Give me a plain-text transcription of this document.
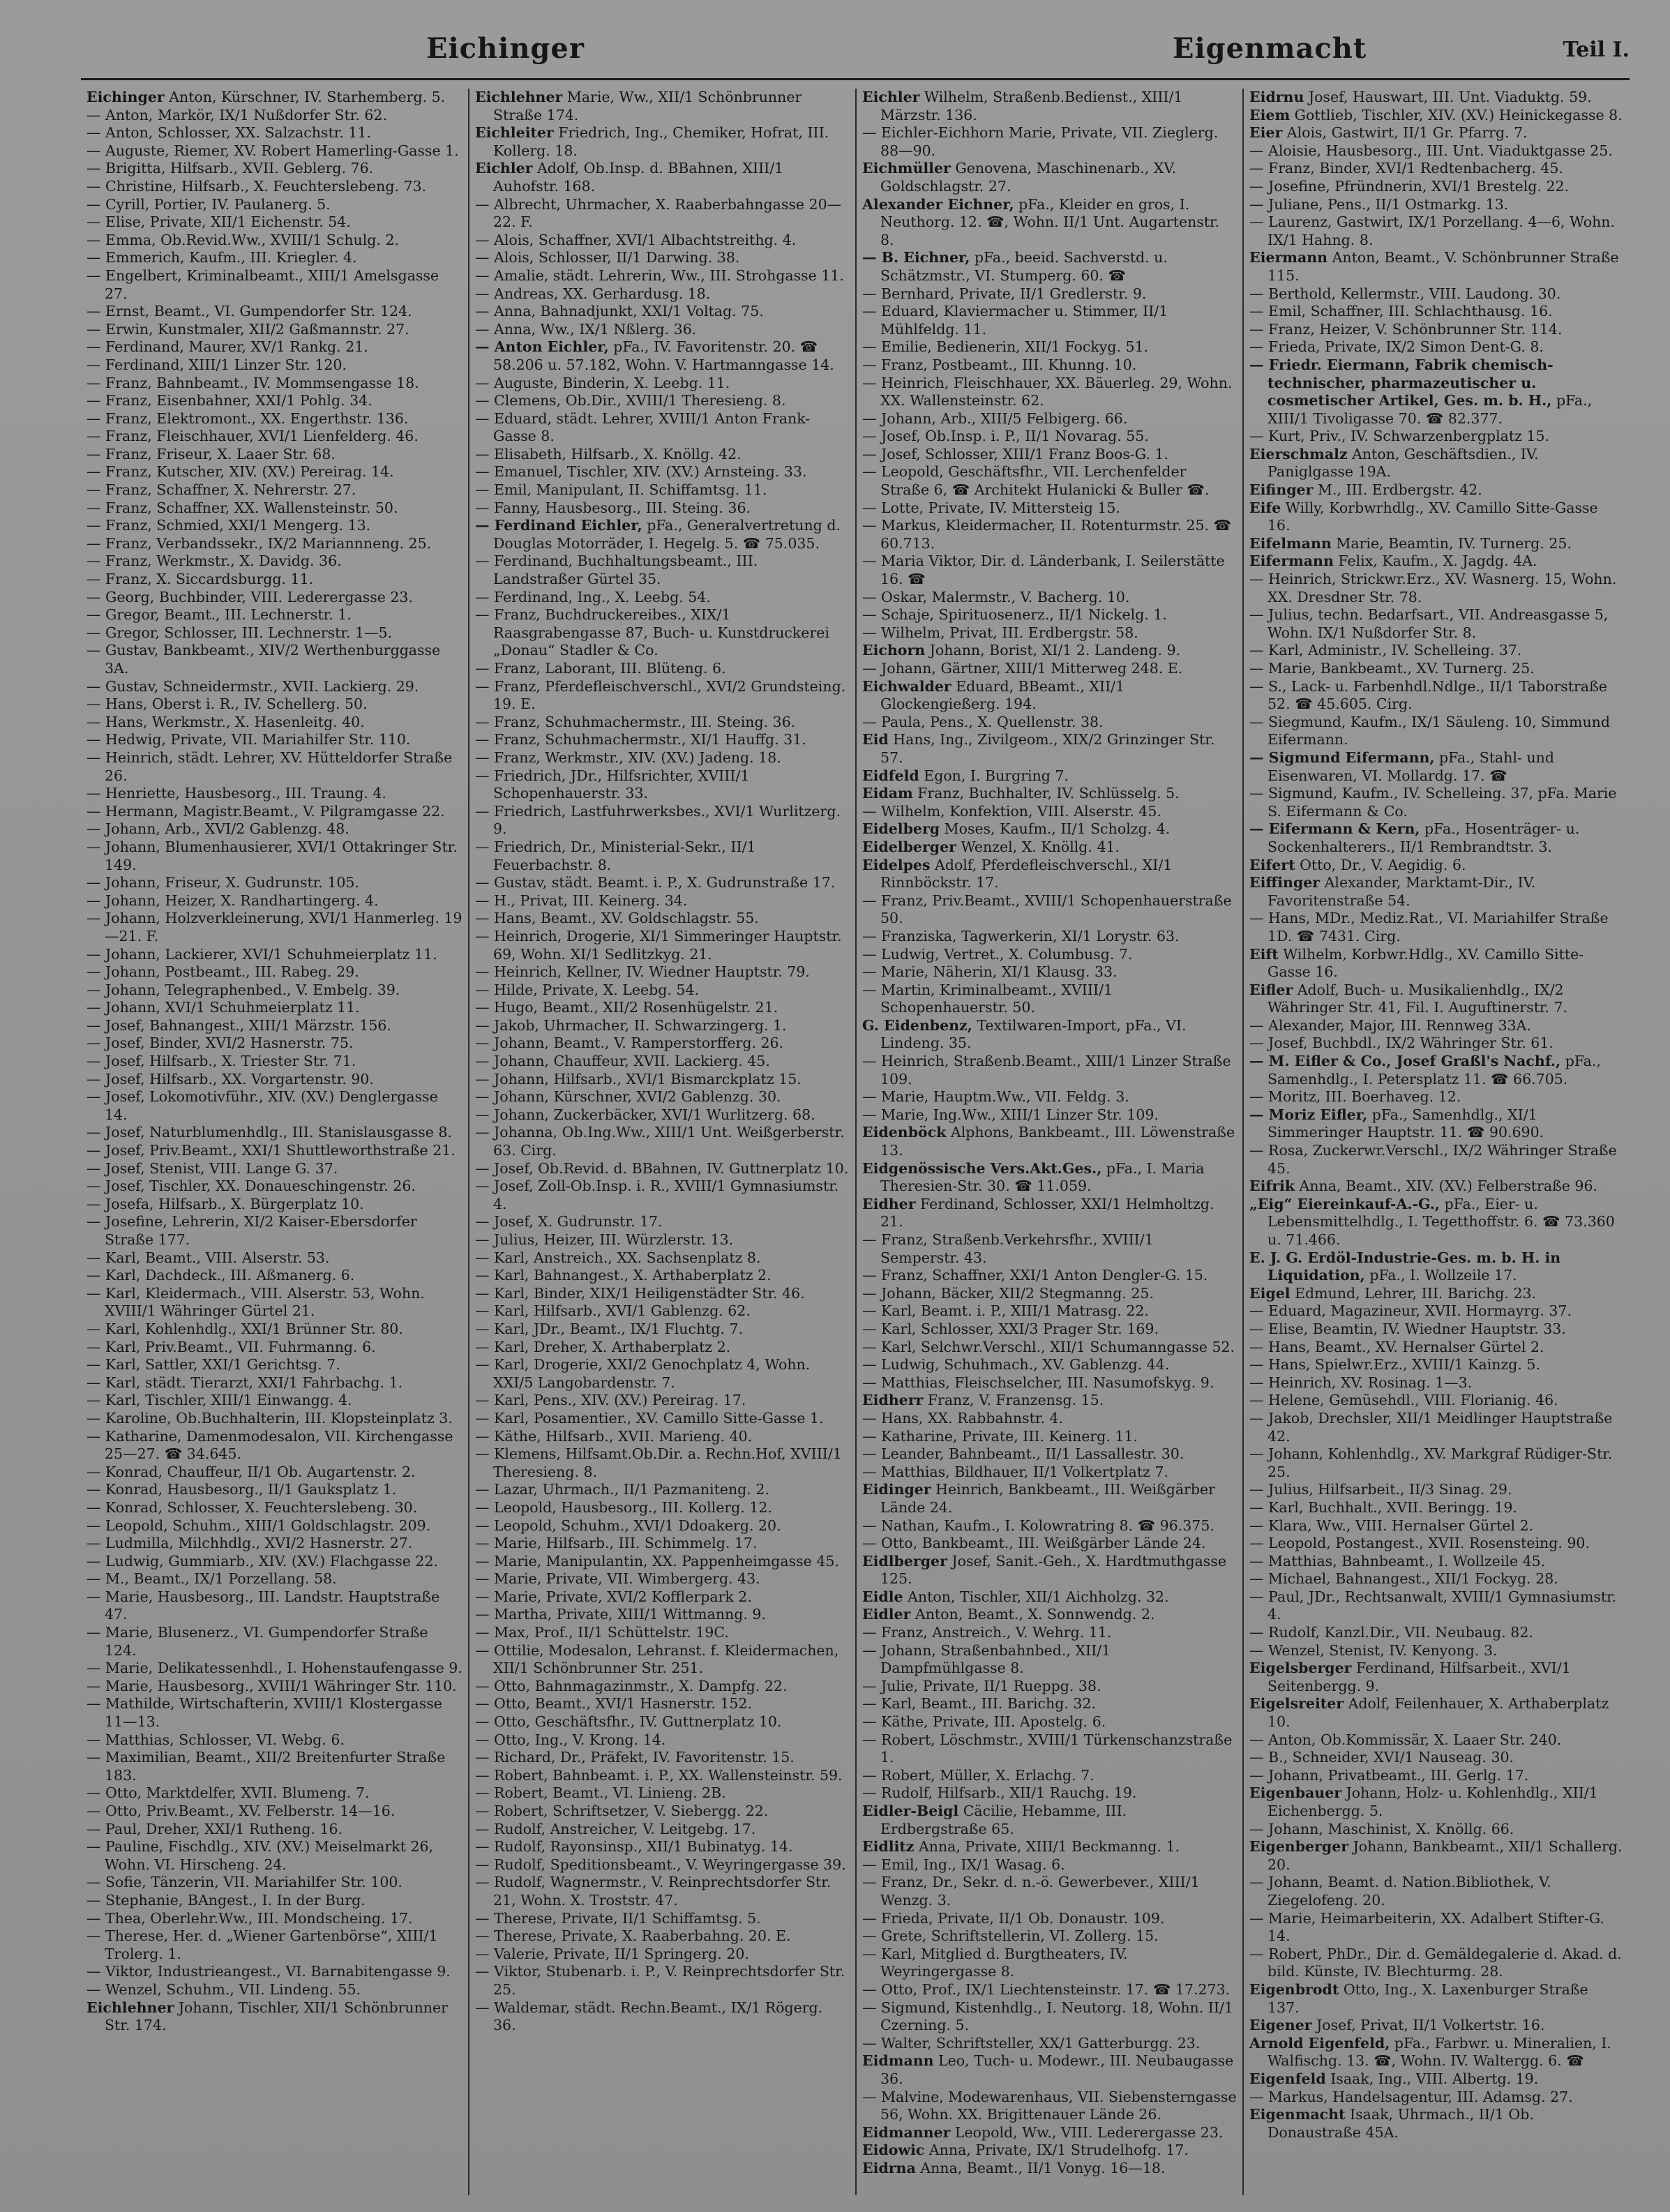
Eichinger	Eigenmacht	Teil I.
Eichinger Anton, Kürschner, IV. Starhemberg. 5.
— Anton, Markör, IX/1 Nußdorfer Str. 62.
— Anton, Schlosser, XX. Salzachstr. 11.
— Auguste, Riemer, XV. Robert Hamerling-Gasse 1.
— Brigitta, Hilfsarb., XVII. Geblerg. 76.
— Christine, Hilfsarb., X. Feuchterslebeng. 73.
— Cyrill, Portier, IV. Paulanerg. 5.
— Elise, Private, XII/1 Eichenstr. 54.
— Emma, Ob.Revid.Ww., XVIII/1 Schulg. 2.
— Emmerich, Kaufm., III. Kriegler. 4.
— Engelbert, Kriminalbeamt., XIII/1 Amelsgasse 27.
— Ernst, Beamt., VI. Gumpendorfer Str. 124.
— Erwin, Kunstmaler, XII/2 Gaßmannstr. 27.
— Ferdinand, Maurer, XV/1 Rankg. 21.
— Ferdinand, XIII/1 Linzer Str. 120.
— Franz, Bahnbeamt., IV. Mommsengasse 18.
— Franz, Eisenbahner, XXI/1 Pohlg. 34.
— Franz, Elektromont., XX. Engerthstr. 136.
— Franz, Fleischhauer, XVI/1 Lienfelderg. 46.
— Franz, Friseur, X. Laaer Str. 68.
— Franz, Kutscher, XIV. (XV.) Pereirag. 14.
— Franz, Schaffner, X. Nehrerstr. 27.
— Franz, Schaffner, XX. Wallensteinstr. 50.
— Franz, Schmied, XXI/1 Mengerg. 13.
— Franz, Verbandssekr., IX/2 Mariannneng. 25.
— Franz, Werkmstr., X. Davidg. 36.
— Franz, X. Siccardsburgg. 11.
— Georg, Buchbinder, VIII. Lederergasse 23.
— Gregor, Beamt., III. Lechnerstr. 1.
— Gregor, Schlosser, III. Lechnerstr. 1—5.
— Gustav, Bankbeamt., XIV/2 Werthenburggasse 3A.
— Gustav, Schneidermstr., XVII. Lackierg. 29.
— Hans, Oberst i. R., IV. Schellerg. 50.
— Hans, Werkmstr., X. Hasenleitg. 40.
— Hedwig, Private, VII. Mariahilfer Str. 110.
— Heinrich, städt. Lehrer, XV. Hütteldorfer Straße 26.
— Henriette, Hausbesorg., III. Traung. 4.
— Hermann, Magistr.Beamt., V. Pilgramgasse 22.
— Johann, Arb., XVI/2 Gablenzg. 48.
— Johann, Blumenhausierer, XVI/1 Ottakringer Str. 149.
— Johann, Friseur, X. Gudrunstr. 105.
— Johann, Heizer, X. Randhartingerg. 4.
— Johann, Holzverkleinerung, XVI/1 Hanmerleg. 19—21. F.
— Johann, Lackierer, XVI/1 Schuhmeierplatz 11.
— Johann, Postbeamt., III. Rabeg. 29.
— Johann, Telegraphenbed., V. Embelg. 39.
— Johann, XVI/1 Schuhmeierplatz 11.
— Josef, Bahnangest., XIII/1 Märzstr. 156.
— Josef, Binder, XVI/2 Hasnerstr. 75.
— Josef, Hilfsarb., X. Triester Str. 71.
— Josef, Hilfsarb., XX. Vorgartenstr. 90.
— Josef, Lokomotivführ., XIV. (XV.) Denglergasse 14.
— Josef, Naturblumenhdlg., III. Stanislausgasse 8.
— Josef, Priv.Beamt., XXI/1 Shuttleworthstraße 21.
— Josef, Stenist, VIII. Lange G. 37.
— Josef, Tischler, XX. Donaueschingenstr. 26.
— Josefa, Hilfsarb., X. Bürgerplatz 10.
— Josefine, Lehrerin, XI/2 Kaiser-Ebersdorfer Straße 177.
— Karl, Beamt., VIII. Alserstr. 53.
— Karl, Dachdeck., III. Aßmanerg. 6.
— Karl, Kleidermach., VIII. Alserstr. 53, Wohn. XVIII/1 Währinger Gürtel 21.
— Karl, Kohlenhdlg., XXI/1 Brünner Str. 80.
— Karl, Priv.Beamt., VII. Fuhrmanng. 6.
— Karl, Sattler, XXI/1 Gerichtsg. 7.
— Karl, städt. Tierarzt, XXI/1 Fahrbachg. 1.
— Karl, Tischler, XIII/1 Einwangg. 4.
— Karoline, Ob.Buchhalterin, III. Klopsteinplatz 3.
— Katharine, Damenmodesalon, VII. Kirchengasse 25—27. ☎ 34.645.
— Konrad, Chauffeur, II/1 Ob. Augartenstr. 2.
— Konrad, Hausbesorg., II/1 Gauksplatz 1.
— Konrad, Schlosser, X. Feuchterslebeng. 30.
— Leopold, Schuhm., XIII/1 Goldschlagstr. 209.
— Ludmilla, Milchhdlg., XVI/2 Hasnerstr. 27.
— Ludwig, Gummiarb., XIV. (XV.) Flachgasse 22.
— M., Beamt., IX/1 Porzellang. 58.
— Marie, Hausbesorg., III. Landstr. Hauptstraße 47.
— Marie, Blusenerz., VI. Gumpendorfer Straße 124.
— Marie, Delikatessenhdl., I. Hohenstaufengasse 9.
— Marie, Hausbesorg., XVIII/1 Währinger Str. 110.
— Mathilde, Wirtschafterin, XVIII/1 Klostergasse 11—13.
— Matthias, Schlosser, VI. Webg. 6.
— Maximilian, Beamt., XII/2 Breitenfurter Straße 183.
— Otto, Marktdelfer, XVII. Blumeng. 7.
— Otto, Priv.Beamt., XV. Felberstr. 14—16.
— Paul, Dreher, XXI/1 Rutheng. 16.
— Pauline, Fischdlg., XIV. (XV.) Meiselmarkt 26, Wohn. VI. Hirscheng. 24.
— Sofie, Tänzerin, VII. Mariahilfer Str. 100.
— Stephanie, BAngest., I. In der Burg.
— Thea, Oberlehr.Ww., III. Mondscheing. 17.
— Therese, Her. d. „Wiener Gartenbörse“, XIII/1 Trolerg. 1.
— Viktor, Industrieangest., VI. Barnabitengasse 9.
— Wenzel, Schuhm., VII. Lindeng. 55.
Eichlehner Johann, Tischler, XII/1 Schönbrunner Str. 174.
Eichlehner Marie, Ww., XII/1 Schönbrunner Straße 174.
Eichleiter Friedrich, Ing., Chemiker, Hofrat, III. Kollerg. 18.
Eichler Adolf, Ob.Insp. d. BBahnen, XIII/1 Auhofstr. 168.
— Albrecht, Uhrmacher, X. Raaberbahngasse 20—22. F.
— Alois, Schaffner, XVI/1 Albachtstreithg. 4.
— Alois, Schlosser, II/1 Darwing. 38.
— Amalie, städt. Lehrerin, Ww., III. Strohgasse 11.
— Andreas, XX. Gerhardusg. 18.
— Anna, Bahnadjunkt, XXI/1 Voltag. 75.
— Anna, Ww., IX/1 Nßlerg. 36.
— Anton Eichler, pFa., IV. Favoritenstr. 20. ☎ 58.206 u. 57.182, Wohn. V. Hartmanngasse 14.
— Auguste, Binderin, X. Leebg. 11.
— Clemens, Ob.Dir., XVIII/1 Theresieng. 8.
— Eduard, städt. Lehrer, XVIII/1 Anton Frank-Gasse 8.
— Elisabeth, Hilfsarb., X. Knöllg. 42.
— Emanuel, Tischler, XIV. (XV.) Arnsteing. 33.
— Emil, Manipulant, II. Schiffamtsg. 11.
— Fanny, Hausbesorg., III. Steing. 36.
— Ferdinand Eichler, pFa., Generalvertretung d. Douglas Motorräder, I. Hegelg. 5. ☎ 75.035.
— Ferdinand, Buchhaltungsbeamt., III. Landstraßer Gürtel 35.
— Ferdinand, Ing., X. Leebg. 54.
— Franz, Buchdruckereibes., XIX/1 Raasgrabengasse 87, Buch- u. Kunstdruckerei „Donau“ Stadler & Co.
— Franz, Laborant, III. Blüteng. 6.
— Franz, Pferdefleischverschl., XVI/2 Grundsteing. 19. E.
— Franz, Schuhmachermstr., III. Steing. 36.
— Franz, Schuhmachermstr., XI/1 Hauffg. 31.
— Franz, Werkmstr., XIV. (XV.) Jadeng. 18.
— Friedrich, JDr., Hilfsrichter, XVIII/1 Schopenhauerstr. 33.
— Friedrich, Lastfuhrwerksbes., XVI/1 Wurlitzerg. 9.
— Friedrich, Dr., Ministerial-Sekr., II/1 Feuerbachstr. 8.
— Gustav, städt. Beamt. i. P., X. Gudrunstraße 17.
— H., Privat, III. Keinerg. 34.
— Hans, Beamt., XV. Goldschlagstr. 55.
— Heinrich, Drogerie, XI/1 Simmeringer Hauptstr. 69, Wohn. XI/1 Sedlitzkyg. 21.
— Heinrich, Kellner, IV. Wiedner Hauptstr. 79.
— Hilde, Private, X. Leebg. 54.
— Hugo, Beamt., XII/2 Rosenhügelstr. 21.
— Jakob, Uhrmacher, II. Schwarzingerg. 1.
— Johann, Beamt., V. Ramperstorfferg. 26.
— Johann, Chauffeur, XVII. Lackierg. 45.
— Johann, Hilfsarb., XVI/1 Bismarckplatz 15.
— Johann, Kürschner, XVI/2 Gablenzg. 30.
— Johann, Zuckerbäcker, XVI/1 Wurlitzerg. 68.
— Johanna, Ob.Ing.Ww., XIII/1 Unt. Weißgerberstr. 63. Cirg.
— Josef, Ob.Revid. d. BBahnen, IV. Guttnerplatz 10.
— Josef, Zoll-Ob.Insp. i. R., XVIII/1 Gymnasiumstr. 4.
— Josef, X. Gudrunstr. 17.
— Julius, Heizer, III. Würzlerstr. 13.
— Karl, Anstreich., XX. Sachsenplatz 8.
— Karl, Bahnangest., X. Arthaberplatz 2.
— Karl, Binder, XIX/1 Heiligenstädter Str. 46.
— Karl, Hilfsarb., XVI/1 Gablenzg. 62.
— Karl, JDr., Beamt., IX/1 Fluchtg. 7.
— Karl, Dreher, X. Arthaberplatz 2.
— Karl, Drogerie, XXI/2 Genochplatz 4, Wohn. XXI/5 Langobardenstr. 7.
— Karl, Pens., XIV. (XV.) Pereirag. 17.
— Karl, Posamentier., XV. Camillo Sitte-Gasse 1.
— Käthe, Hilfsarb., XVII. Marieng. 40.
— Klemens, Hilfsamt.Ob.Dir. a. Rechn.Hof, XVIII/1 Theresieng. 8.
— Lazar, Uhrmach., II/1 Pazmaniteng. 2.
— Leopold, Hausbesorg., III. Kollerg. 12.
— Leopold, Schuhm., XVI/1 Ddoakerg. 20.
— Marie, Hilfsarb., III. Schimmelg. 17.
— Marie, Manipulantin, XX. Pappenheimgasse 45.
— Marie, Private, VII. Wimbergerg. 43.
— Marie, Private, XVI/2 Kofflerpark 2.
— Martha, Private, XIII/1 Wittmanng. 9.
— Max, Prof., II/1 Schüttelstr. 19C.
— Ottilie, Modesalon, Lehranst. f. Kleidermachen, XII/1 Schönbrunner Str. 251.
— Otto, Bahnmagazinmstr., X. Dampfg. 22.
— Otto, Beamt., XVI/1 Hasnerstr. 152.
— Otto, Geschäftsfhr., IV. Guttnerplatz 10.
— Otto, Ing., V. Krong. 14.
— Richard, Dr., Präfekt, IV. Favoritenstr. 15.
— Robert, Bahnbeamt. i. P., XX. Wallensteinstr. 59.
— Robert, Beamt., VI. Linieng. 2B.
— Robert, Schriftsetzer, V. Siebergg. 22.
— Rudolf, Anstreicher, V. Leitgebg. 17.
— Rudolf, Rayonsinsp., XII/1 Bubinatyg. 14.
— Rudolf, Speditionsbeamt., V. Weyringergasse 39.
— Rudolf, Wagnermstr., V. Reinprechtsdorfer Str. 21, Wohn. X. Troststr. 47.
— Therese, Private, II/1 Schiffamtsg. 5.
— Therese, Private, X. Raaberbahng. 20. E.
— Valerie, Private, II/1 Springerg. 20.
— Viktor, Stubenarb. i. P., V. Reinprechtsdorfer Str. 25.
— Waldemar, städt. Rechn.Beamt., IX/1 Rögerg. 36.
Eichler Wilhelm, Straßenb.Bedienst., XIII/1 Märzstr. 136.
— Eichler-Eichhorn Marie, Private, VII. Zieglerg. 88—90.
Eichmüller Genovena, Maschinenarb., XV. Goldschlagstr. 27.
Alexander Eichner, pFa., Kleider en gros, I. Neuthorg. 12. ☎, Wohn. II/1 Unt. Augartenstr. 8.
— B. Eichner, pFa., beeid. Sachverstd. u. Schätzmstr., VI. Stumperg. 60. ☎
— Bernhard, Private, II/1 Gredlerstr. 9.
— Eduard, Klaviermacher u. Stimmer, II/1 Mühlfeldg. 11.
— Emilie, Bedienerin, XII/1 Fockyg. 51.
— Franz, Postbeamt., III. Khunng. 10.
— Heinrich, Fleischhauer, XX. Bäuerleg. 29, Wohn. XX. Wallensteinstr. 62.
— Johann, Arb., XIII/5 Felbigerg. 66.
— Josef, Ob.Insp. i. P., II/1 Novarag. 55.
— Josef, Schlosser, XIII/1 Franz Boos-G. 1.
— Leopold, Geschäftsfhr., VII. Lerchenfelder Straße 6, ☎ Architekt Hulanicki & Buller ☎.
— Lotte, Private, IV. Mittersteig 15.
— Markus, Kleidermacher, II. Rotenturmstr. 25. ☎ 60.713.
— Maria Viktor, Dir. d. Länderbank, I. Seilerstätte 16. ☎
— Oskar, Malermstr., V. Bacherg. 10.
— Schaje, Spirituosenerz., II/1 Nickelg. 1.
— Wilhelm, Privat, III. Erdbergstr. 58.
Eichorn Johann, Borist, XI/1 2. Landeng. 9.
— Johann, Gärtner, XIII/1 Mitterweg 248. E.
Eichwalder Eduard, BBeamt., XII/1 Glockengießerg. 194.
— Paula, Pens., X. Quellenstr. 38.
Eid Hans, Ing., Zivilgeom., XIX/2 Grinzinger Str. 57.
Eidfeld Egon, I. Burgring 7.
Eidam Franz, Buchhalter, IV. Schlüsselg. 5.
— Wilhelm, Konfektion, VIII. Alserstr. 45.
Eidelberg Moses, Kaufm., II/1 Scholzg. 4.
Eidelberger Wenzel, X. Knöllg. 41.
Eidelpes Adolf, Pferdefleischverschl., XI/1 Rinnböckstr. 17.
— Franz, Priv.Beamt., XVIII/1 Schopenhauerstraße 50.
— Franziska, Tagwerkerin, XI/1 Lorystr. 63.
— Ludwig, Vertret., X. Columbusg. 7.
— Marie, Näherin, XI/1 Klausg. 33.
— Martin, Kriminalbeamt., XVIII/1 Schopenhauerstr. 50.
G. Eidenbenz, Textilwaren-Import, pFa., VI. Lindeng. 35.
— Heinrich, Straßenb.Beamt., XIII/1 Linzer Straße 109.
— Marie, Hauptm.Ww., VII. Feldg. 3.
— Marie, Ing.Ww., XIII/1 Linzer Str. 109.
Eidenböck Alphons, Bankbeamt., III. Löwenstraße 13.
Eidgenössische Vers.Akt.Ges., pFa., I. Maria Theresien-Str. 30. ☎ 11.059.
Eidher Ferdinand, Schlosser, XXI/1 Helmholtzg. 21.
— Franz, Straßenb.Verkehrsfhr., XVIII/1 Semperstr. 43.
— Franz, Schaffner, XXI/1 Anton Dengler-G. 15.
— Johann, Bäcker, XII/2 Stegmanng. 25.
— Karl, Beamt. i. P., XIII/1 Matrasg. 22.
— Karl, Schlosser, XXI/3 Prager Str. 169.
— Karl, Selchwr.Verschl., XII/1 Schumanngasse 52.
— Ludwig, Schuhmach., XV. Gablenzg. 44.
— Matthias, Fleischselcher, III. Nasumofskyg. 9.
Eidherr Franz, V. Franzensg. 15.
— Hans, XX. Rabbahnstr. 4.
— Katharine, Private, III. Keinerg. 11.
— Leander, Bahnbeamt., II/1 Lassallestr. 30.
— Matthias, Bildhauer, II/1 Volkertplatz 7.
Eidinger Heinrich, Bankbeamt., III. Weißgärber Lände 24.
— Nathan, Kaufm., I. Kolowratring 8. ☎ 96.375.
— Otto, Bankbeamt., III. Weißgärber Lände 24.
Eidlberger Josef, Sanit.-Geh., X. Hardtmuthgasse 125.
Eidle Anton, Tischler, XII/1 Aichholzg. 32.
Eidler Anton, Beamt., X. Sonnwendg. 2.
— Franz, Anstreich., V. Wehrg. 11.
— Johann, Straßenbahnbed., XII/1 Dampfmühlgasse 8.
— Julie, Private, II/1 Rueppg. 38.
— Karl, Beamt., III. Barichg. 32.
— Käthe, Private, III. Apostelg. 6.
— Robert, Löschmstr., XVIII/1 Türkenschanzstraße 1.
— Robert, Müller, X. Erlachg. 7.
— Rudolf, Hilfsarb., XII/1 Rauchg. 19.
Eidler-Beigl Cäcilie, Hebamme, III. Erdbergstraße 65.
Eidlitz Anna, Private, XIII/1 Beckmanng. 1.
— Emil, Ing., IX/1 Wasag. 6.
— Franz, Dr., Sekr. d. n.-ö. Gewerbever., XIII/1 Wenzg. 3.
— Frieda, Private, II/1 Ob. Donaustr. 109.
— Grete, Schriftstellerin, VI. Zollerg. 15.
— Karl, Mitglied d. Burgtheaters, IV. Weyringergasse 8.
— Otto, Prof., IX/1 Liechtensteinstr. 17. ☎ 17.273.
— Sigmund, Kistenhdlg., I. Neutorg. 18, Wohn. II/1 Czerning. 5.
— Walter, Schriftsteller, XX/1 Gatterburgg. 23.
Eidmann Leo, Tuch- u. Modewr., III. Neubaugasse 36.
— Malvine, Modewarenhaus, VII. Siebensterngasse 56, Wohn. XX. Brigittenauer Lände 26.
Eidmanner Leopold, Ww., VIII. Lederergasse 23.
Eidowic Anna, Private, IX/1 Strudelhofg. 17.
Eidrna Anna, Beamt., II/1 Vonyg. 16—18.
Eidrnu Josef, Hauswart, III. Unt. Viaduktg. 59.
Eiem Gottlieb, Tischler, XIV. (XV.) Heinickegasse 8.
Eier Alois, Gastwirt, II/1 Gr. Pfarrg. 7.
— Aloisie, Hausbesorg., III. Unt. Viaduktgasse 25.
— Franz, Binder, XVI/1 Redtenbacherg. 45.
— Josefine, Pfründnerin, XVI/1 Brestelg. 22.
— Juliane, Pens., II/1 Ostmarkg. 13.
— Laurenz, Gastwirt, IX/1 Porzellang. 4—6, Wohn. IX/1 Hahng. 8.
Eiermann Anton, Beamt., V. Schönbrunner Straße 115.
— Berthold, Kellermstr., VIII. Laudong. 30.
— Emil, Schaffner, III. Schlachthausg. 16.
— Franz, Heizer, V. Schönbrunner Str. 114.
— Frieda, Private, IX/2 Simon Dent-G. 8.
— Friedr. Eiermann, Fabrik chemisch-technischer, pharmazeutischer u. cosmetischer Artikel, Ges. m. b. H., pFa., XIII/1 Tivoligasse 70. ☎ 82.377.
— Kurt, Priv., IV. Schwarzenbergplatz 15.
Eierschmalz Anton, Geschäftsdien., IV. Paniglgasse 19A.
Eifinger M., III. Erdbergstr. 42.
Eife Willy, Korbwrhdlg., XV. Camillo Sitte-Gasse 16.
Eifelmann Marie, Beamtin, IV. Turnerg. 25.
Eifermann Felix, Kaufm., X. Jagdg. 4A.
— Heinrich, Strickwr.Erz., XV. Wasnerg. 15, Wohn. XX. Dresdner Str. 78.
— Julius, techn. Bedarfsart., VII. Andreasgasse 5, Wohn. IX/1 Nußdorfer Str. 8.
— Karl, Administr., IV. Schelleing. 37.
— Marie, Bankbeamt., XV. Turnerg. 25.
— S., Lack- u. Farbenhdl.Ndlge., II/1 Taborstraße 52. ☎ 45.605. Cirg.
— Siegmund, Kaufm., IX/1 Säuleng. 10, Simmund Eifermann.
— Sigmund Eifermann, pFa., Stahl- und Eisenwaren, VI. Mollardg. 17. ☎
— Sigmund, Kaufm., IV. Schelleing. 37, pFa. Marie S. Eifermann & Co.
— Eifermann & Kern, pFa., Hosenträger- u. Sockenhalterers., II/1 Rembrandtstr. 3.
Eifert Otto, Dr., V. Aegidig. 6.
Eiffinger Alexander, Marktamt-Dir., IV. Favoritenstraße 54.
— Hans, MDr., Mediz.Rat., VI. Mariahilfer Straße 1D. ☎ 7431. Cirg.
Eift Wilhelm, Korbwr.Hdlg., XV. Camillo Sitte-Gasse 16.
Eifler Adolf, Buch- u. Musikalienhdlg., IX/2 Währinger Str. 41, Fil. I. Auguftinerstr. 7.
— Alexander, Major, III. Rennweg 33A.
— Josef, Buchbdl., IX/2 Währinger Str. 61.
— M. Eifler & Co., Josef Graßl's Nachf., pFa., Samenhdlg., I. Petersplatz 11. ☎ 66.705.
— Moritz, III. Boerhaveg. 12.
— Moriz Eifler, pFa., Samenhdlg., XI/1 Simmeringer Hauptstr. 11. ☎ 90.690.
— Rosa, Zuckerwr.Verschl., IX/2 Währinger Straße 45.
Eifrik Anna, Beamt., XIV. (XV.) Felberstraße 96.
„Eig“ Eiereinkauf-A.-G., pFa., Eier- u. Lebensmittelhdlg., I. Tegetthoffstr. 6. ☎ 73.360 u. 71.466.
E. J. G. Erdöl-Industrie-Ges. m. b. H. in Liquidation, pFa., I. Wollzeile 17.
Eigel Edmund, Lehrer, III. Barichg. 23.
— Eduard, Magazineur, XVII. Hormayrg. 37.
— Elise, Beamtin, IV. Wiedner Hauptstr. 33.
— Hans, Beamt., XV. Hernalser Gürtel 2.
— Hans, Spielwr.Erz., XVIII/1 Kainzg. 5.
— Heinrich, XV. Rosinag. 1—3.
— Helene, Gemüsehdl., VIII. Florianig. 46.
— Jakob, Drechsler, XII/1 Meidlinger Hauptstraße 42.
— Johann, Kohlenhdlg., XV. Markgraf Rüdiger-Str. 25.
— Julius, Hilfsarbeit., II/3 Sinag. 29.
— Karl, Buchhalt., XVII. Beringg. 19.
— Klara, Ww., VIII. Hernalser Gürtel 2.
— Leopold, Postangest., XVII. Rosensteing. 90.
— Matthias, Bahnbeamt., I. Wollzeile 45.
— Michael, Bahnangest., XII/1 Fockyg. 28.
— Paul, JDr., Rechtsanwalt, XVIII/1 Gymnasiumstr. 4.
— Rudolf, Kanzl.Dir., VII. Neubaug. 82.
— Wenzel, Stenist, IV. Kenyong. 3.
Eigelsberger Ferdinand, Hilfsarbeit., XVI/1 Seitenbergg. 9.
Eigelsreiter Adolf, Feilenhauer, X. Arthaberplatz 10.
— Anton, Ob.Kommissär, X. Laaer Str. 240.
— B., Schneider, XVI/1 Nauseag. 30.
— Johann, Privatbeamt., III. Gerlg. 17.
Eigenbauer Johann, Holz- u. Kohlenhdlg., XII/1 Eichenbergg. 5.
— Johann, Maschinist, X. Knöllg. 66.
Eigenberger Johann, Bankbeamt., XII/1 Schallerg. 20.
— Johann, Beamt. d. Nation.Bibliothek, V. Ziegelofeng. 20.
— Marie, Heimarbeiterin, XX. Adalbert Stifter-G. 14.
— Robert, PhDr., Dir. d. Gemäldegalerie d. Akad. d. bild. Künste, IV. Blechturmg. 28.
Eigenbrodt Otto, Ing., X. Laxenburger Straße 137.
Eigener Josef, Privat, II/1 Volkertstr. 16.
Arnold Eigenfeld, pFa., Farbwr. u. Mineralien, I. Walfischg. 13. ☎, Wohn. IV. Waltergg. 6. ☎
Eigenfeld Isaak, Ing., VIII. Albertg. 19.
— Markus, Handelsagentur, III. Adamsg. 27.
Eigenmacht Isaak, Uhrmach., II/1 Ob. Donaustraße 45A.
